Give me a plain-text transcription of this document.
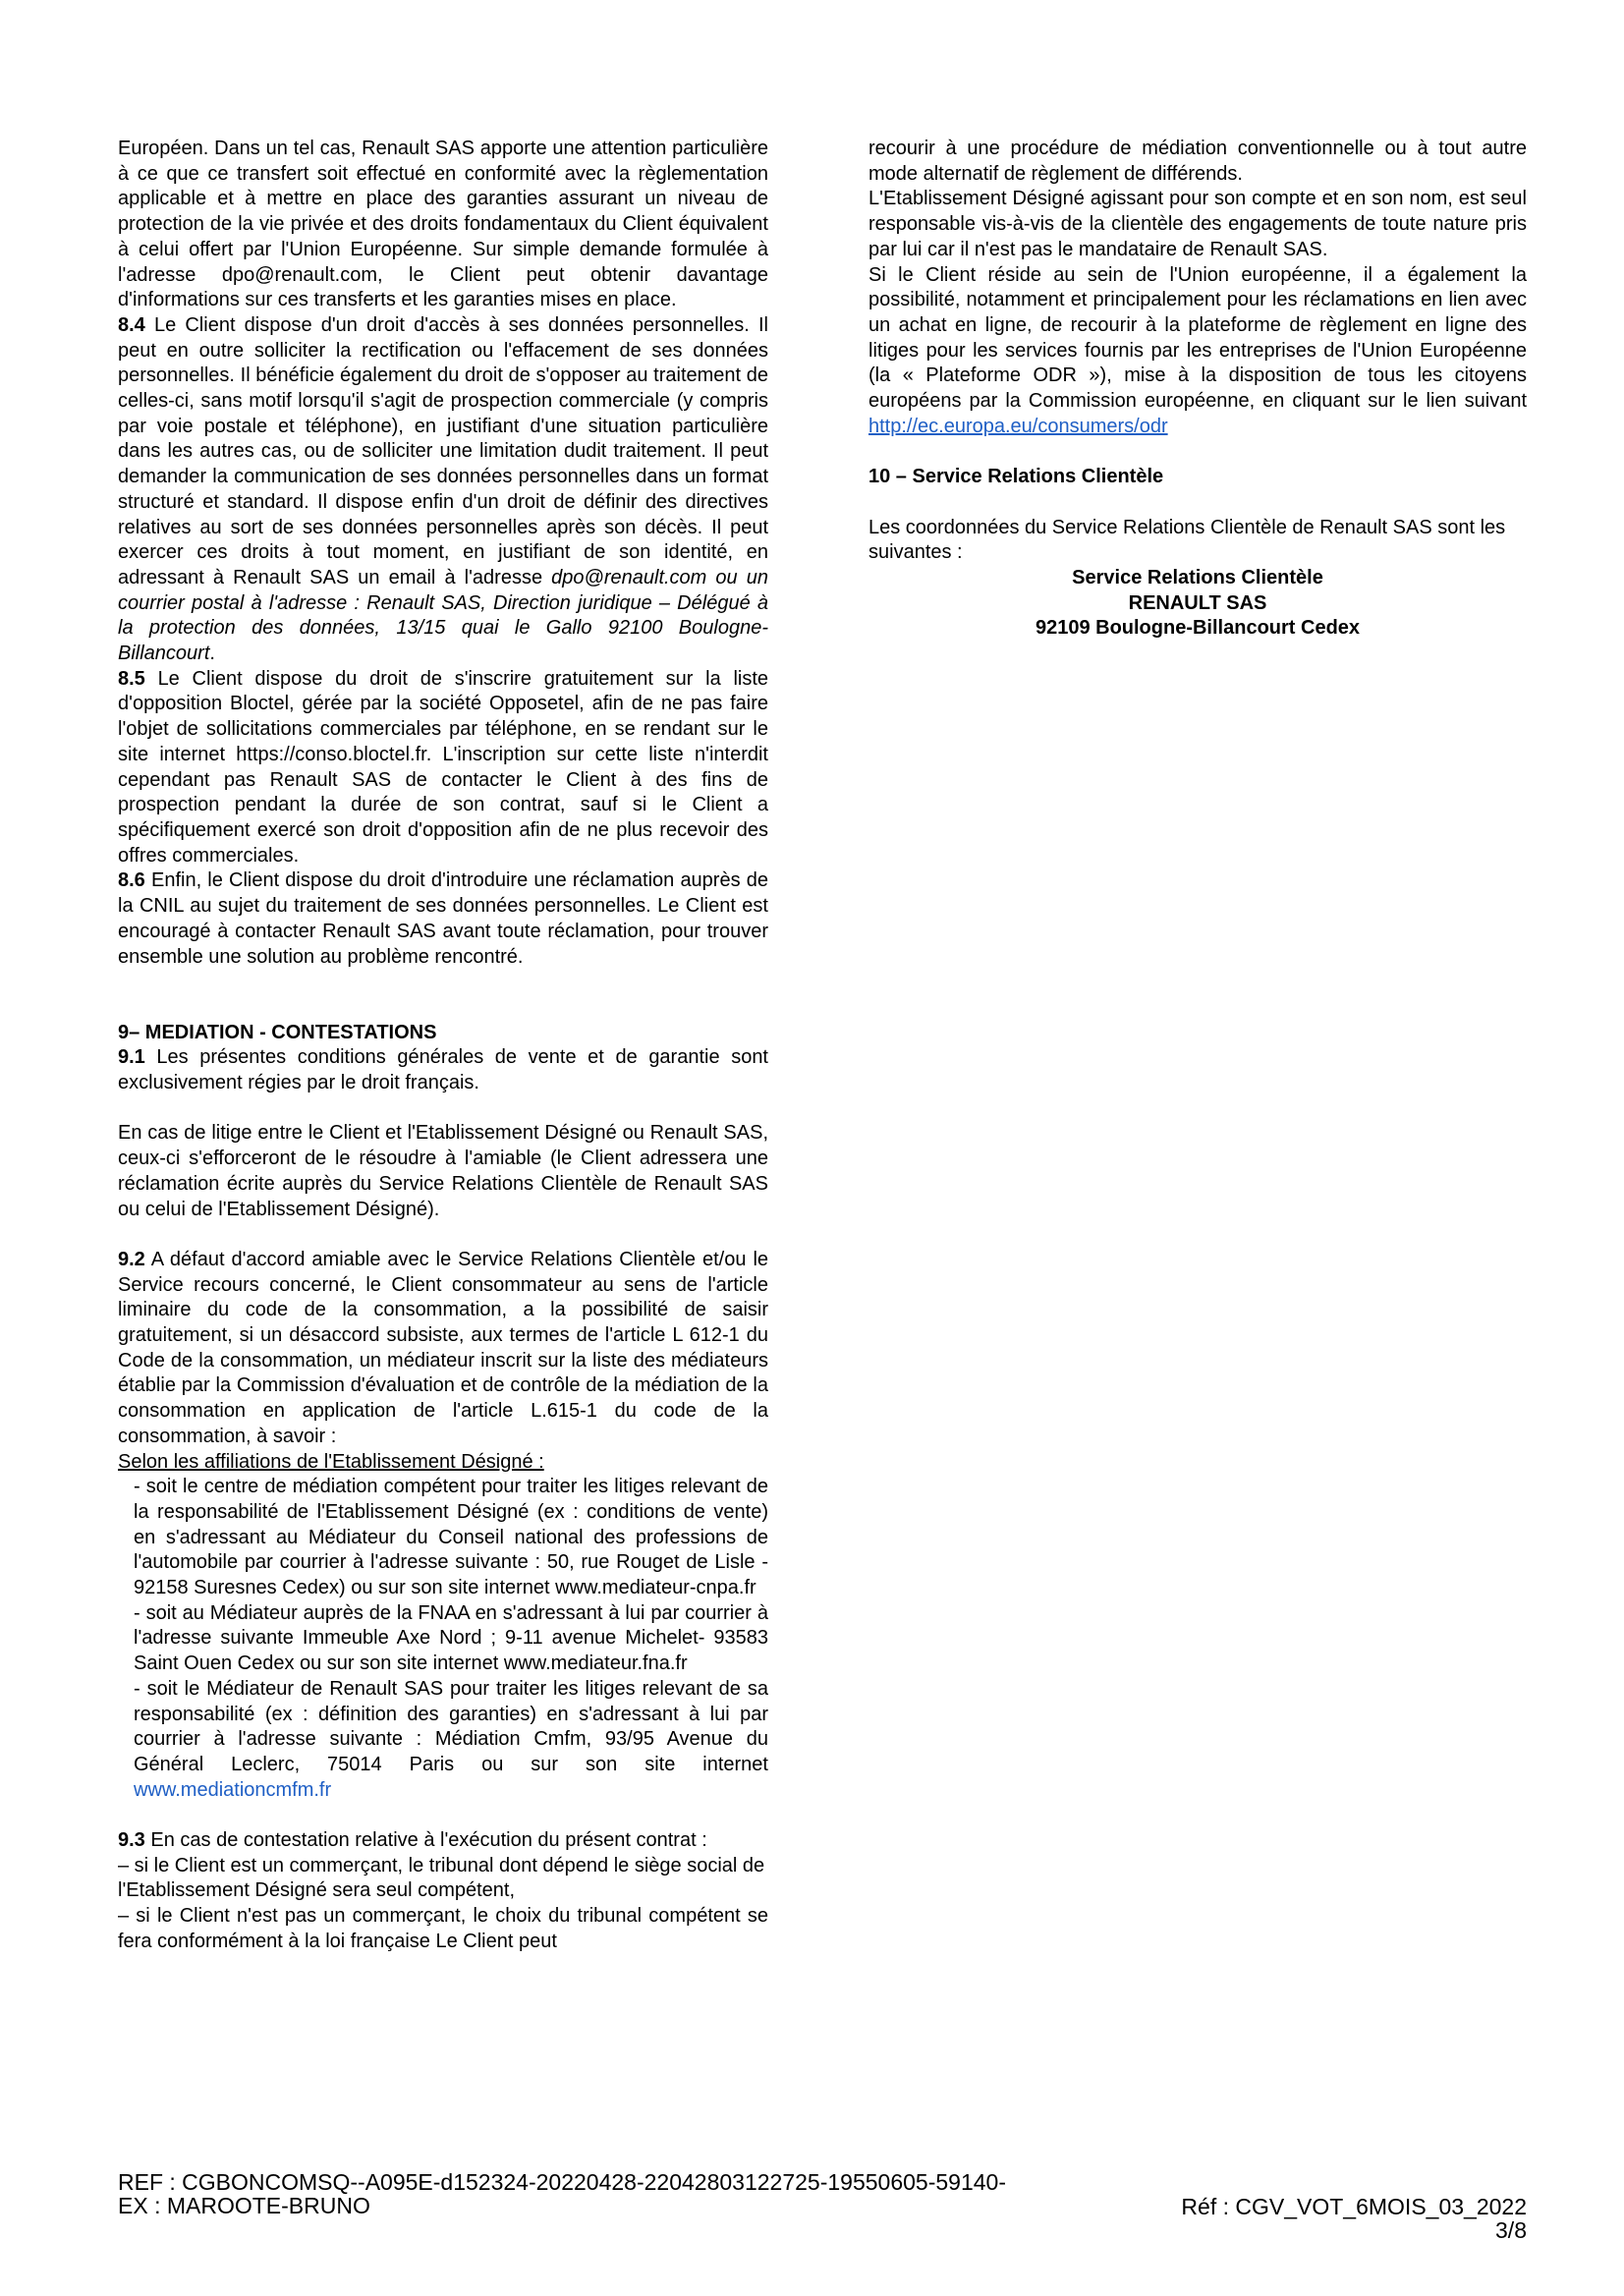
Européen. Dans un tel cas, Renault SAS apporte une attention particulière à ce que ce transfert soit effectué en conformité avec la règlementation applicable et à mettre en place des garanties assurant un niveau de protection de la vie privée et des droits fondamentaux du Client équivalent à celui offert par l'Union Européenne. Sur simple demande formulée à l'adresse dpo@renault.com, le Client peut obtenir davantage d'informations sur ces transferts et les garanties mises en place.

8.4 Le Client dispose d'un droit d'accès à ses données personnelles. Il peut en outre solliciter la rectification ou l'effacement de ses données personnelles. Il bénéficie également du droit de s'opposer au traitement de celles-ci, sans motif lorsqu'il s'agit de prospection commerciale (y compris par voie postale et téléphone), en justifiant d'une situation particulière dans les autres cas, ou de solliciter une limitation dudit traitement. Il peut demander la communication de ses données personnelles dans un format structuré et standard. Il dispose enfin d'un droit de définir des directives relatives au sort de ses données personnelles après son décès. Il peut exercer ces droits à tout moment, en justifiant de son identité, en adressant à Renault SAS un email à l'adresse dpo@renault.com ou un courrier postal à l'adresse : Renault SAS, Direction juridique – Délégué à la protection des données, 13/15 quai le Gallo 92100 Boulogne-Billancourt.

8.5 Le Client dispose du droit de s'inscrire gratuitement sur la liste d'opposition Bloctel, gérée par la société Opposetel, afin de ne pas faire l'objet de sollicitations commerciales par téléphone, en se rendant sur le site internet https://conso.bloctel.fr. L'inscription sur cette liste n'interdit cependant pas Renault SAS de contacter le Client à des fins de prospection pendant la durée de son contrat, sauf si le Client a spécifiquement exercé son droit d'opposition afin de ne plus recevoir des offres commerciales.

8.6 Enfin, le Client dispose du droit d'introduire une réclamation auprès de la CNIL au sujet du traitement de ses données personnelles. Le Client est encouragé à contacter Renault SAS avant toute réclamation, pour trouver ensemble une solution au problème rencontré.

9– MEDIATION - CONTESTATIONS

9.1 Les présentes conditions générales de vente et de garantie sont exclusivement régies par le droit français.

En cas de litige entre le Client et l'Etablissement Désigné ou Renault SAS, ceux-ci s'efforceront de le résoudre à l'amiable (le Client adressera une réclamation écrite auprès du Service Relations Clientèle de Renault SAS ou celui de l'Etablissement Désigné).

9.2 A défaut d'accord amiable avec le Service Relations Clientèle et/ou le Service recours concerné, le Client consommateur au sens de l'article liminaire du code de la consommation, a la possibilité de saisir gratuitement, si un désaccord subsiste, aux termes de l'article L 612-1 du Code de la consommation, un médiateur inscrit sur la liste des médiateurs établie par la Commission d'évaluation et de contrôle de la médiation de la consommation en application de l'article L.615-1 du code de la consommation, à savoir :

Selon les affiliations de l'Etablissement Désigné :

- soit le centre de médiation compétent pour traiter les litiges relevant de la responsabilité de l'Etablissement Désigné (ex : conditions de vente) en s'adressant au Médiateur du Conseil national des professions de l'automobile par courrier à l'adresse suivante : 50, rue Rouget de Lisle - 92158 Suresnes Cedex) ou sur son site internet www.mediateur-cnpa.fr

- soit au Médiateur auprès de la FNAA en s'adressant à lui par courrier à l'adresse suivante Immeuble Axe Nord ; 9-11 avenue Michelet- 93583 Saint Ouen Cedex ou sur son site internet www.mediateur.fna.fr

- soit le Médiateur de Renault SAS pour traiter les litiges relevant de sa responsabilité (ex : définition des garanties) en s'adressant à lui par courrier à l'adresse suivante : Médiation Cmfm, 93/95 Avenue du Général Leclerc, 75014 Paris ou sur son site internet www.mediationcmfm.fr

9.3 En cas de contestation relative à l'exécution du présent contrat :

– si le Client est un commerçant, le tribunal dont dépend le siège social de l'Etablissement Désigné sera seul compétent,

– si le Client n'est pas un commerçant, le choix du tribunal compétent se fera conformément à la loi française Le Client peut

recourir à une procédure de médiation conventionnelle ou à tout autre mode alternatif de règlement de différends.

L'Etablissement Désigné agissant pour son compte et en son nom, est seul responsable vis-à-vis de la clientèle des engagements de toute nature pris par lui car il n'est pas le mandataire de Renault SAS.

Si le Client réside au sein de l'Union européenne, il a également la possibilité, notamment et principalement pour les réclamations en lien avec un achat en ligne, de recourir à la plateforme de règlement en ligne des litiges pour les services fournis par les entreprises de l'Union Européenne (la « Plateforme ODR »), mise à la disposition de tous les citoyens européens par la Commission européenne, en cliquant sur le lien suivant http://ec.europa.eu/consumers/odr

10 – Service Relations Clientèle

Les coordonnées du Service Relations Clientèle de Renault SAS sont les suivantes :

Service Relations Clientèle

RENAULT SAS

92109 Boulogne-Billancourt Cedex

REF : CGBONCOMSQ--A095E-d152324-20220428-22042803122725-19550605-59140-
EX : MAROOTE-BRUNO	Réf : CGV_VOT_6MOIS_03_2022
3/8
